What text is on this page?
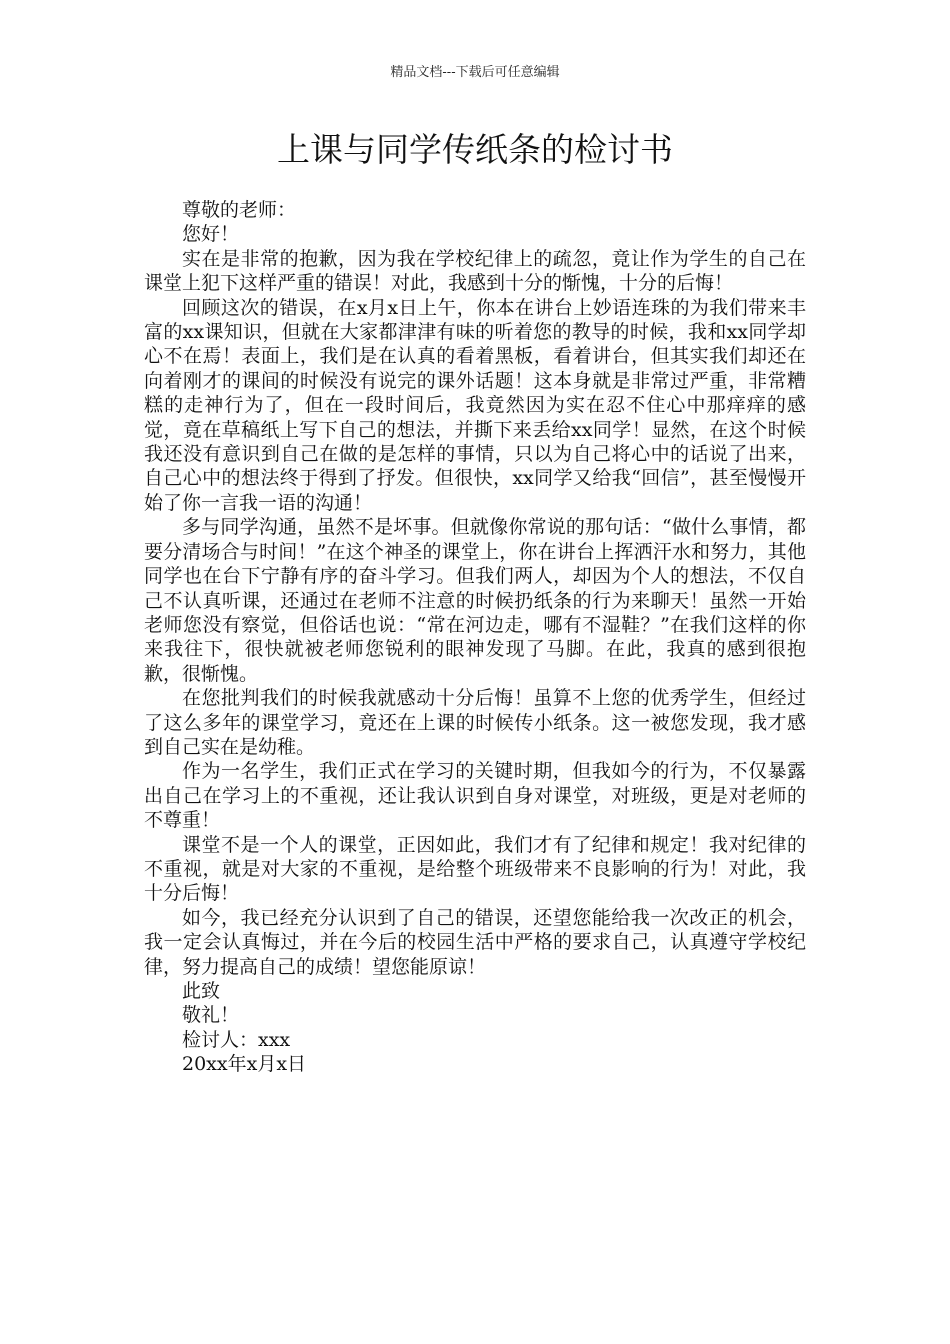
精品文档---下载后可任意编辑
上课与同学传纸条的检讨书

尊敬的老师：

您好！

实在是非常的抱歉，因为我在学校纪律上的疏忽，竟让作为学生的自己在课堂上犯下这样严重的错误！对此，我感到十分的惭愧，十分的后悔！

回顾这次的错误，在x月x日上午，你本在讲台上妙语连珠的为我们带来丰富的xx课知识，但就在大家都津津有味的听着您的教导的时候，我和xx同学却心不在焉！表面上，我们是在认真的看着黑板，看着讲台，但其实我们却还在向着刚才的课间的时候没有说完的课外话题！这本身就是非常过严重，非常糟糕的走神行为了，但在一段时间后，我竟然因为实在忍不住心中那痒痒的感觉，竟在草稿纸上写下自己的想法，并撕下来丢给xx同学！显然，在这个时候我还没有意识到自己在做的是怎样的事情，只以为自己将心中的话说了出来，自己心中的想法终于得到了抒发。但很快，xx同学又给我“回信”，甚至慢慢开始了你一言我一语的沟通！

多与同学沟通，虽然不是坏事。但就像你常说的那句话：“做什么事情，都要分清场合与时间！”在这个神圣的课堂上，你在讲台上挥洒汗水和努力，其他同学也在台下宁静有序的奋斗学习。但我们两人，却因为个人的想法，不仅自己不认真听课，还通过在老师不注意的时候扔纸条的行为来聊天！虽然一开始老师您没有察觉，但俗话也说：“常在河边走，哪有不湿鞋？”在我们这样的你来我往下，很快就被老师您锐利的眼神发现了马脚。在此，我真的感到很抱歉，很惭愧。

在您批判我们的时候我就感动十分后悔！虽算不上您的优秀学生，但经过了这么多年的课堂学习，竟还在上课的时候传小纸条。这一被您发现，我才感到自己实在是幼稚。

作为一名学生，我们正式在学习的关键时期，但我如今的行为，不仅暴露出自己在学习上的不重视，还让我认识到自身对课堂，对班级，更是对老师的不尊重！

课堂不是一个人的课堂，正因如此，我们才有了纪律和规定！我对纪律的不重视，就是对大家的不重视，是给整个班级带来不良影响的行为！对此，我十分后悔！

如今，我已经充分认识到了自己的错误，还望您能给我一次改正的机会，我一定会认真悔过，并在今后的校园生活中严格的要求自己，认真遵守学校纪律，努力提高自己的成绩！望您能原谅！

此致

敬礼！

检讨人：xxx

20xx年x月x日
